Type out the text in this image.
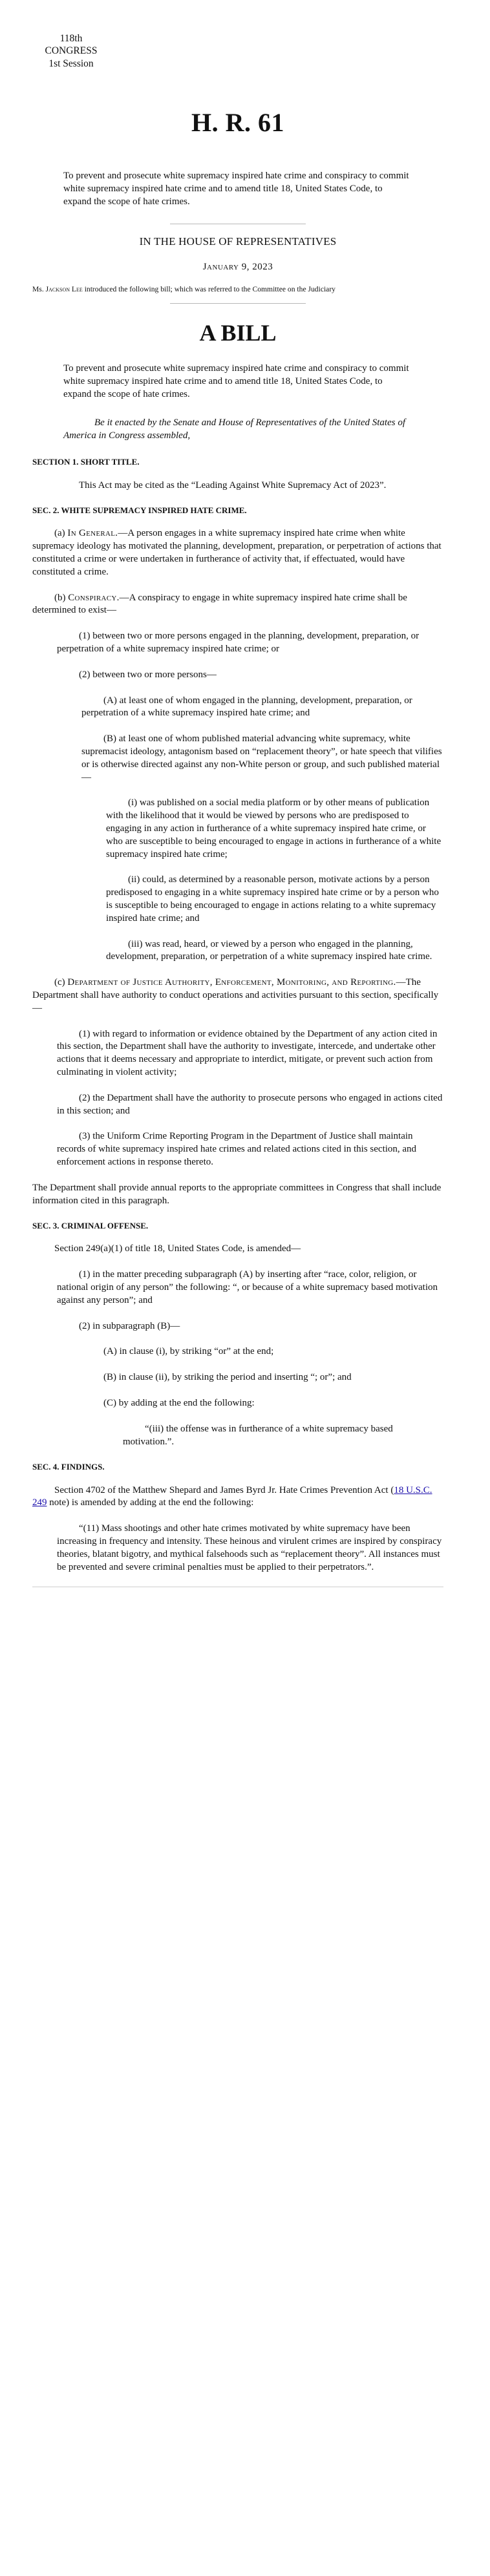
118th
CONGRESS
1st Session
H. R. 61

To prevent and prosecute white supremacy inspired hate crime and conspiracy to commit white supremacy inspired hate crime and to amend title 18, United States Code, to expand the scope of hate crimes.

IN THE HOUSE OF REPRESENTATIVES
January 9, 2023

Ms. Jackson Lee introduced the following bill; which was referred to the Committee on the Judiciary

A BILL

To prevent and prosecute white supremacy inspired hate crime and conspiracy to commit white supremacy inspired hate crime and to amend title 18, United States Code, to expand the scope of hate crimes.

Be it enacted by the Senate and House of Representatives of the United States of America in Congress assembled,

SECTION 1. SHORT TITLE.

This Act may be cited as the “Leading Against White Supremacy Act of 2023”.

SEC. 2. WHITE SUPREMACY INSPIRED HATE CRIME.

(a) In General.—A person engages in a white supremacy inspired hate crime when white supremacy ideology has motivated the planning, development, preparation, or perpetration of actions that constituted a crime or were undertaken in furtherance of activity that, if effectuated, would have constituted a crime.

(b) Conspiracy.—A conspiracy to engage in white supremacy inspired hate crime shall be determined to exist—

(1) between two or more persons engaged in the planning, development, preparation, or perpetration of a white supremacy inspired hate crime; or

(2) between two or more persons—

(A) at least one of whom engaged in the planning, development, preparation, or perpetration of a white supremacy inspired hate crime; and

(B) at least one of whom published material advancing white supremacy, white supremacist ideology, antagonism based on “replacement theory”, or hate speech that vilifies or is otherwise directed against any non-White person or group, and such published material—

(i) was published on a social media platform or by other means of publication with the likelihood that it would be viewed by persons who are predisposed to engaging in any action in furtherance of a white supremacy inspired hate crime, or who are susceptible to being encouraged to engage in actions in furtherance of a white supremacy inspired hate crime;

(ii) could, as determined by a reasonable person, motivate actions by a person predisposed to engaging in a white supremacy inspired hate crime or by a person who is susceptible to being encouraged to engage in actions relating to a white supremacy inspired hate crime; and

(iii) was read, heard, or viewed by a person who engaged in the planning, development, preparation, or perpetration of a white supremacy inspired hate crime.

(c) Department of Justice Authority, Enforcement, Monitoring, and Reporting.—The Department shall have authority to conduct operations and activities pursuant to this section, specifically—

(1) with regard to information or evidence obtained by the Department of any action cited in this section, the Department shall have the authority to investigate, intercede, and undertake other actions that it deems necessary and appropriate to interdict, mitigate, or prevent such action from culminating in violent activity;

(2) the Department shall have the authority to prosecute persons who engaged in actions cited in this section; and

(3) the Uniform Crime Reporting Program in the Department of Justice shall maintain records of white supremacy inspired hate crimes and related actions cited in this section, and enforcement actions in response thereto.

The Department shall provide annual reports to the appropriate committees in Congress that shall include information cited in this paragraph.

SEC. 3. CRIMINAL OFFENSE.

Section 249(a)(1) of title 18, United States Code, is amended—

(1) in the matter preceding subparagraph (A) by inserting after “race, color, religion, or national origin of any person” the following: “, or because of a white supremacy based motivation against any person”; and

(2) in subparagraph (B)—

(A) in clause (i), by striking “or” at the end;

(B) in clause (ii), by striking the period and inserting “; or”; and

(C) by adding at the end the following:

“(iii) the offense was in furtherance of a white supremacy based motivation.”.

SEC. 4. FINDINGS.

Section 4702 of the Matthew Shepard and James Byrd Jr. Hate Crimes Prevention Act (18 U.S.C. 249 note) is amended by adding at the end the following:

“(11) Mass shootings and other hate crimes motivated by white supremacy have been increasing in frequency and intensity. These heinous and virulent crimes are inspired by conspiracy theories, blatant bigotry, and mythical falsehoods such as “replacement theory”. All instances must be prevented and severe criminal penalties must be applied to their perpetrators.”.
